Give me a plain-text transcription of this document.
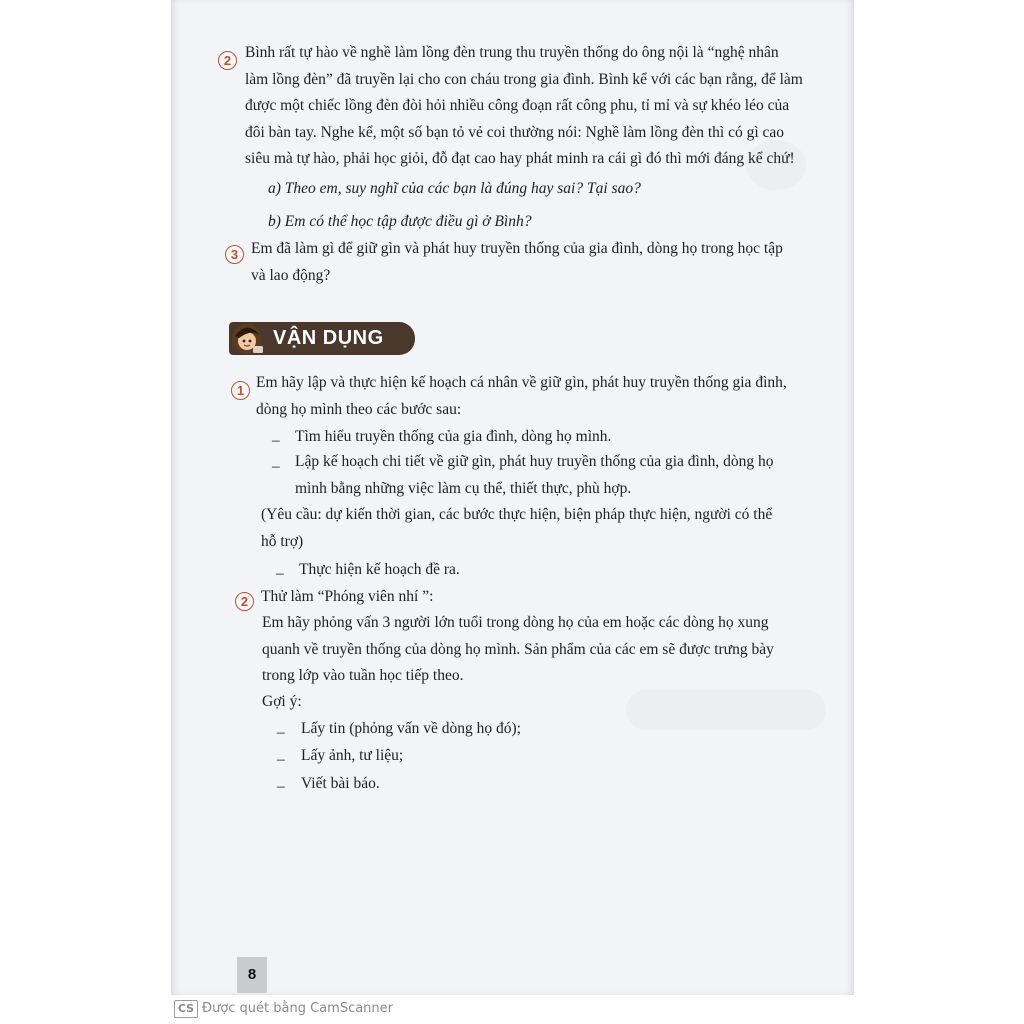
2 Bình rất tự hào về nghề làm lồng đèn trung thu truyền thống do ông nội là “nghệ nhân
làm lồng đèn” đã truyền lại cho con cháu trong gia đình. Bình kể với các bạn rằng, để làm
được một chiếc lồng đèn đòi hỏi nhiều công đoạn rất công phu, tỉ mỉ và sự khéo léo của
đôi bàn tay. Nghe kể, một số bạn tỏ vẻ coi thường nói: Nghề làm lồng đèn thì có gì cao
siêu mà tự hào, phải học giỏi, đỗ đạt cao hay phát minh ra cái gì đó thì mới đáng kể chứ!
a) Theo em, suy nghĩ của các bạn là đúng hay sai? Tại sao?
b) Em có thể học tập được điều gì ở Bình?
3 Em đã làm gì để giữ gìn và phát huy truyền thống của gia đình, dòng họ trong học tập
và lao động?
VẬN DỤNG
1 Em hãy lập và thực hiện kế hoạch cá nhân về giữ gìn, phát huy truyền thống gia đình,
dòng họ mình theo các bước sau:
– Tìm hiểu truyền thống của gia đình, dòng họ mình.
– Lập kế hoạch chi tiết về giữ gìn, phát huy truyền thống của gia đình, dòng họ
mình bằng những việc làm cụ thể, thiết thực, phù hợp.
(Yêu cầu: dự kiến thời gian, các bước thực hiện, biện pháp thực hiện, người có thể
hỗ trợ)
– Thực hiện kế hoạch đề ra.
2 Thử làm “Phóng viên nhí ”:
Em hãy phỏng vấn 3 người lớn tuổi trong dòng họ của em hoặc các dòng họ xung
quanh về truyền thống của dòng họ mình. Sản phẩm của các em sẽ được trưng bày
trong lớp vào tuần học tiếp theo.
Gợi ý:
– Lấy tin (phỏng vấn về dòng họ đó);
– Lấy ảnh, tư liệu;
– Viết bài báo.
8
CS Được quét bằng CamScanner
